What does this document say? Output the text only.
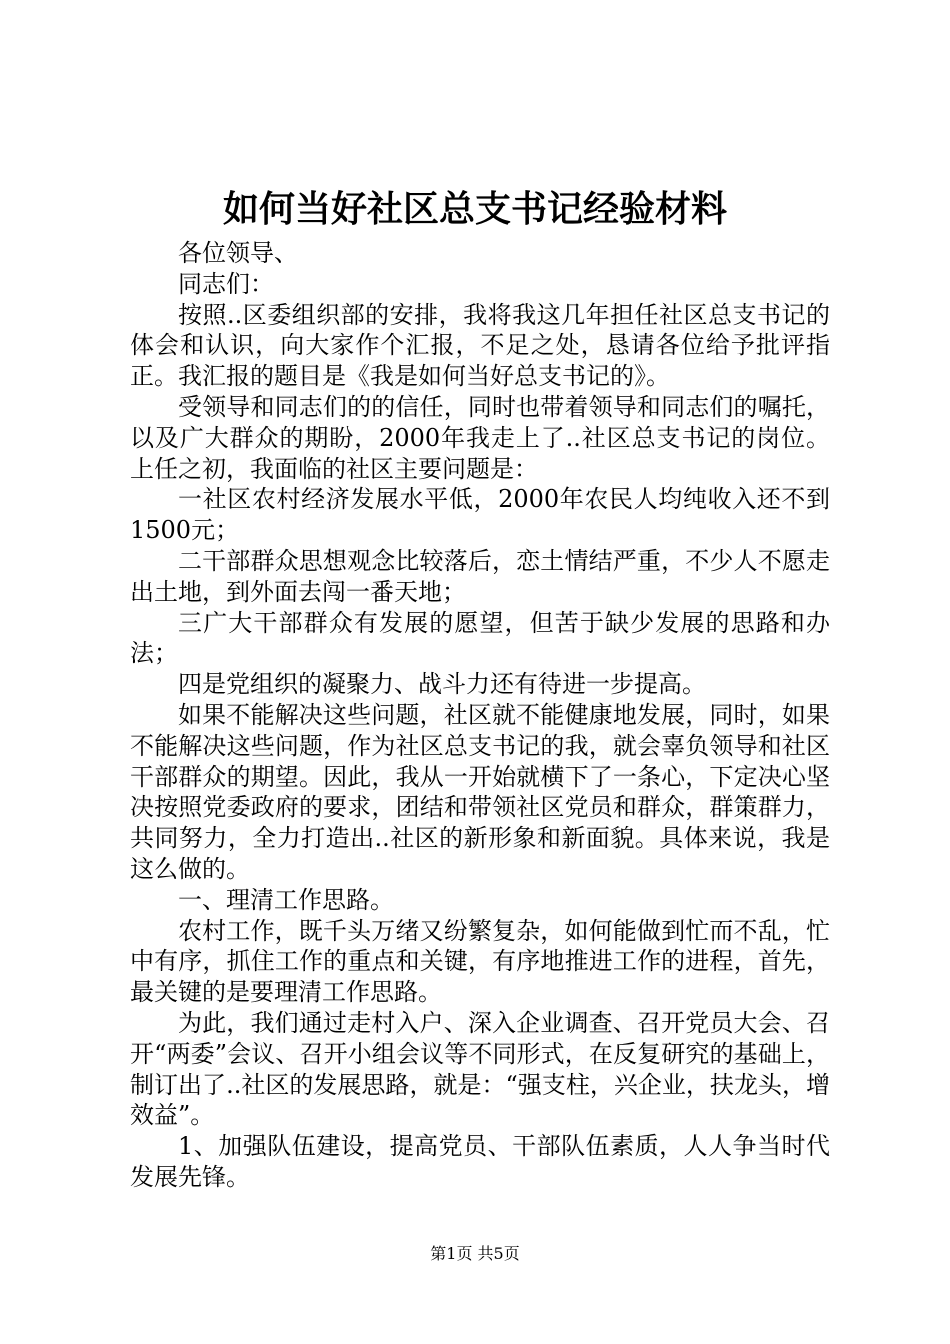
如何当好社区总支书记经验材料

各位领导、

同志们：

按照..区委组织部的安排，我将我这几年担任社区总支书记的体会和认识，向大家作个汇报，不足之处，恳请各位给予批评指正。我汇报的题目是《我是如何当好总支书记的》。

受领导和同志们的的信任，同时也带着领导和同志们的嘱托，以及广大群众的期盼，2000年我走上了..社区总支书记的岗位。上任之初，我面临的社区主要问题是：

一社区农村经济发展水平低，2000年农民人均纯收入还不到1500元；

二干部群众思想观念比较落后，恋土情结严重，不少人不愿走出土地，到外面去闯一番天地；

三广大干部群众有发展的愿望，但苦于缺少发展的思路和办法；

四是党组织的凝聚力、战斗力还有待进一步提高。

如果不能解决这些问题，社区就不能健康地发展，同时，如果不能解决这些问题，作为社区总支书记的我，就会辜负领导和社区干部群众的期望。因此，我从一开始就横下了一条心，下定决心坚决按照党委政府的要求，团结和带领社区党员和群众，群策群力，共同努力，全力打造出..社区的新形象和新面貌。具体来说，我是这么做的。

一、理清工作思路。

农村工作，既千头万绪又纷繁复杂，如何能做到忙而不乱，忙中有序，抓住工作的重点和关键，有序地推进工作的进程，首先，最关键的是要理清工作思路。

为此，我们通过走村入户、深入企业调查、召开党员大会、召开“两委”会议、召开小组会议等不同形式，在反复研究的基础上，制订出了..社区的发展思路，就是：“强支柱，兴企业，扶龙头，增效益”。

1、加强队伍建设，提高党员、干部队伍素质，人人争当时代发展先锋。

第1页 共5页
